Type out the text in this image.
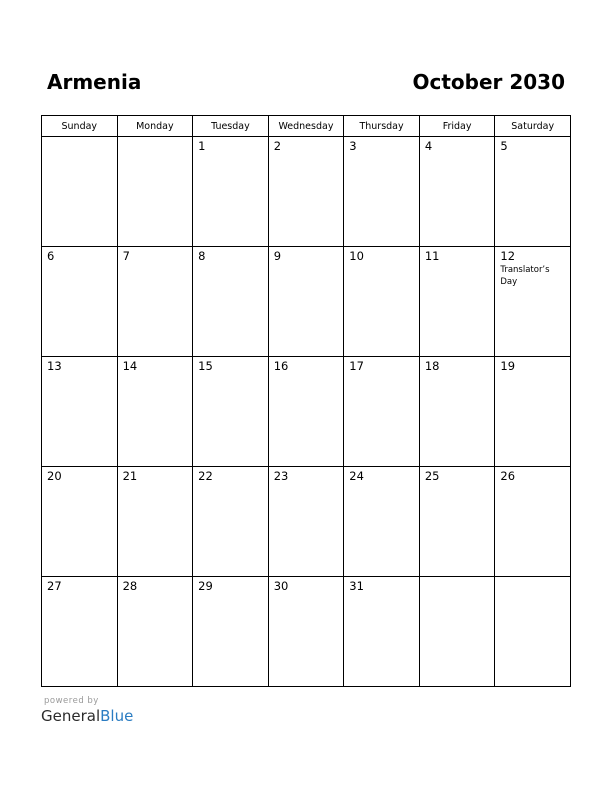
Armenia	October 2030
Sunday	Monday	Tuesday	Wednesday	Thursday	Friday	Saturday

		1	2	3	4	5

6	7	8	9	10	11	12
Translator’s Day

13	14	15	16	17	18	19

20	21	22	23	24	25	26

27	28	29	30	31		

powered by
GeneralBlue
